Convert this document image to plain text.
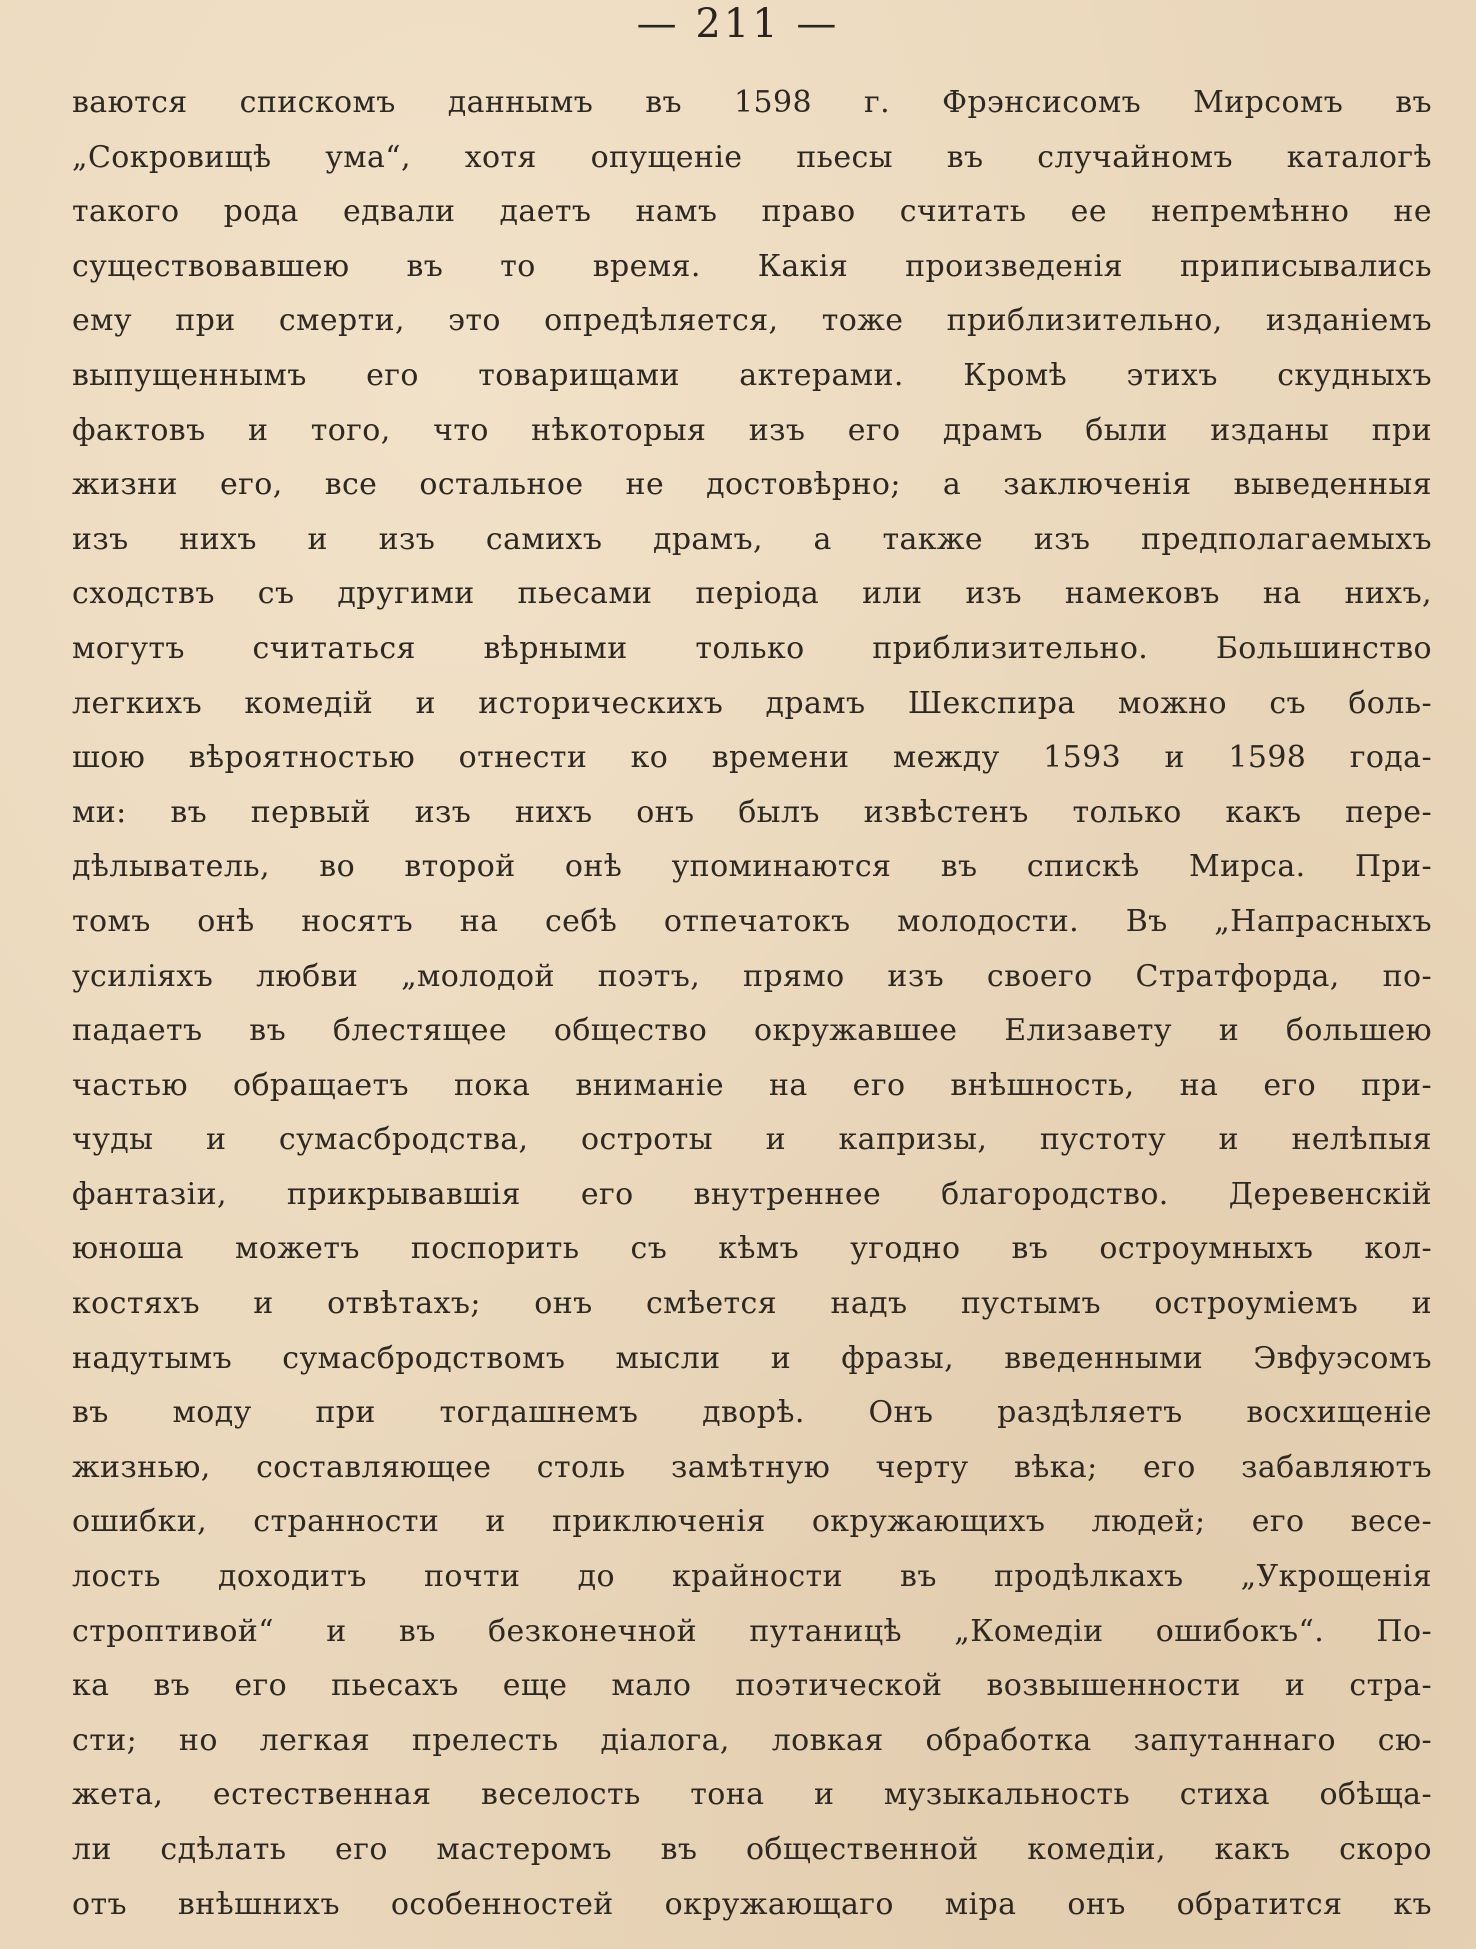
— 211 —
ваются спискомъ даннымъ въ 1598 г. Фрэнсисомъ Мирсомъ въ
„Сокровищѣ ума“, хотя опущеніе пьесы въ случайномъ каталогѣ
такого рода едвали даетъ намъ право считать ее непремѣнно не
существовавшею въ то время. Какія произведенія приписывались
ему при смерти, это опредѣляется, тоже приблизительно, изданіемъ
выпущеннымъ его товарищами актерами. Кромѣ этихъ скудныхъ
фактовъ и того, что нѣкоторыя изъ его драмъ были изданы при
жизни его, все остальное не достовѣрно; а заключенія выведенныя
изъ нихъ и изъ самихъ драмъ, а также изъ предполагаемыхъ
сходствъ съ другими пьесами періода или изъ намековъ на нихъ,
могутъ считаться вѣрными только приблизительно. Большинство
легкихъ комедій и историческихъ драмъ Шекспира можно съ боль-
шою вѣроятностью отнести ко времени между 1593 и 1598 года-
ми: въ первый изъ нихъ онъ былъ извѣстенъ только какъ пере-
дѣлыватель, во второй онѣ упоминаются въ спискѣ Мирса. При-
томъ онѣ носятъ на себѣ отпечатокъ молодости. Въ „Напрасныхъ
усиліяхъ любви „молодой поэтъ, прямо изъ своего Стратфорда, по-
падаетъ въ блестящее общество окружавшее Елизавету и большею
частью обращаетъ пока вниманіе на его внѣшность, на его при-
чуды и сумасбродства, остроты и капризы, пустоту и нелѣпыя
фантазіи, прикрывавшія его внутреннее благородство. Деревенскій
юноша можетъ поспорить съ кѣмъ угодно въ остроумныхъ кол-
костяхъ и отвѣтахъ; онъ смѣется надъ пустымъ остроуміемъ и
надутымъ сумасбродствомъ мысли и фразы, введенными Эвфуэсомъ
въ моду при тогдашнемъ дворѣ. Онъ раздѣляетъ восхищеніе
жизнью, составляющее столь замѣтную черту вѣка; его забавляютъ
ошибки, странности и приключенія окружающихъ людей; его весе-
лость доходитъ почти до крайности въ продѣлкахъ „Укрощенія
строптивой“ и въ безконечной путаницѣ „Комедіи ошибокъ“. По-
ка въ его пьесахъ еще мало поэтической возвышенности и стра-
сти; но легкая прелесть діалога, ловкая обработка запутаннаго сю-
жета, естественная веселость тона и музыкальность стиха обѣща-
ли сдѣлать его мастеромъ въ общественной комедіи, какъ скоро
отъ внѣшнихъ особенностей окружающаго міра онъ обратится къ
